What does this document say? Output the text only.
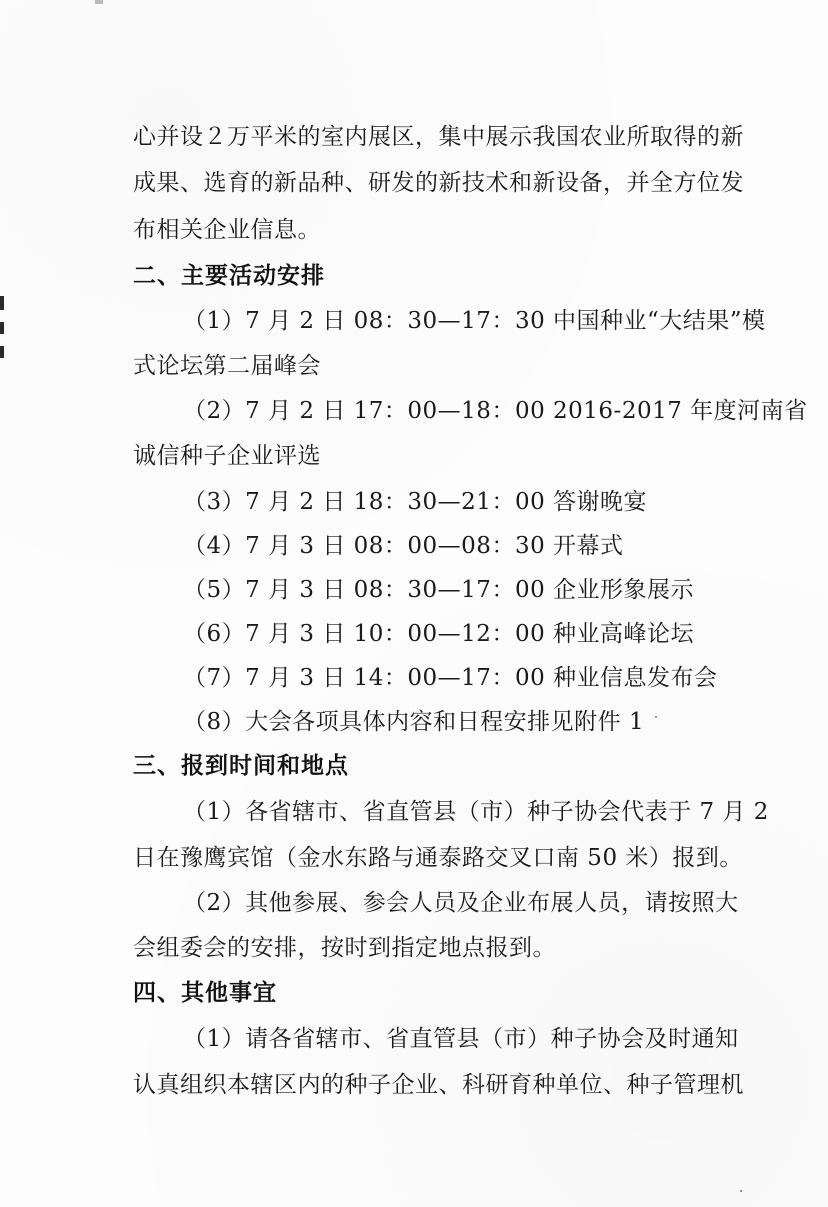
心并设２万平米的室内展区，集中展示我国农业所取得的新
成果、选育的新品种、研发的新技术和新设备，并全方位发
布相关企业信息。
二、主要活动安排
（1）7 月 2 日 08：30—17：30 中国种业“大结果”模
式论坛第二届峰会
（2）7 月 2 日 17：00—18：00 2016-2017 年度河南省
诚信种子企业评选
（3）7 月 2 日 18：30—21：00 答谢晚宴
（4）7 月 3 日 08：00—08：30 开幕式
（5）7 月 3 日 08：30—17：00 企业形象展示
（6）7 月 3 日 10：00—12：00 种业高峰论坛
（7）7 月 3 日 14：00—17：00 种业信息发布会
（8）大会各项具体内容和日程安排见附件 1
三、报到时间和地点
（1）各省辖市、省直管县（市）种子协会代表于 7 月 2
日在豫鹰宾馆（金水东路与通泰路交叉口南 50 米）报到。
（2）其他参展、参会人员及企业布展人员，请按照大
会组委会的安排，按时到指定地点报到。
四、其他事宜
（1）请各省辖市、省直管县（市）种子协会及时通知
认真组织本辖区内的种子企业、科研育种单位、种子管理机
